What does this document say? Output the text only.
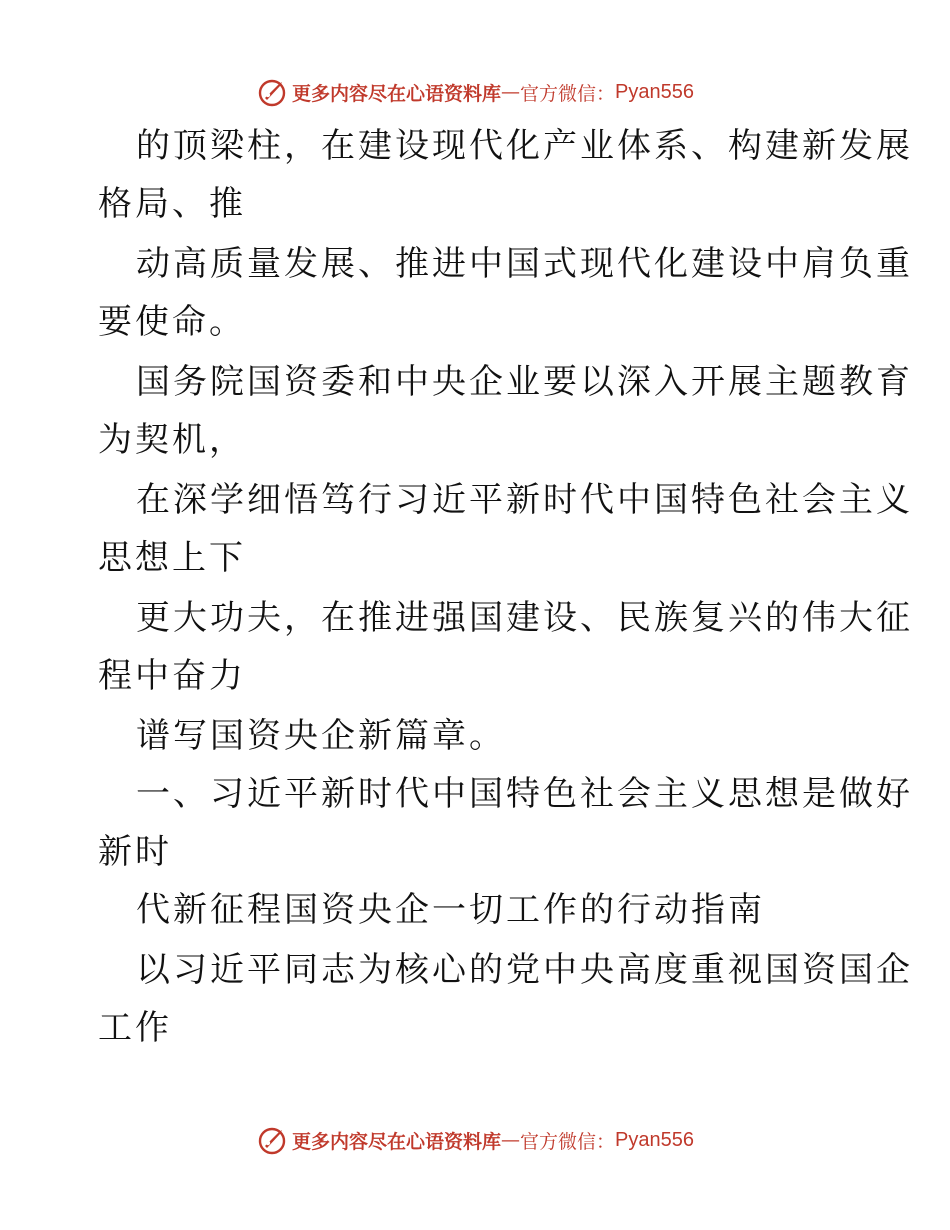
更多内容尽在心语资料库 — 官方微信： Pyan556
的顶梁柱，在建设现代化产业体系、构建新发展
格局、推
动高质量发展、推进中国式现代化建设中肩负重
要使命。
国务院国资委和中央企业要以深入开展主题教育
为契机，
在深学细悟笃行习近平新时代中国特色社会主义
思想上下
更大功夫，在推进强国建设、民族复兴的伟大征
程中奋力
谱写国资央企新篇章。
一、习近平新时代中国特色社会主义思想是做好
新时
代新征程国资央企一切工作的行动指南
以习近平同志为核心的党中央高度重视国资国企
工作
更多内容尽在心语资料库 — 官方微信： Pyan556
